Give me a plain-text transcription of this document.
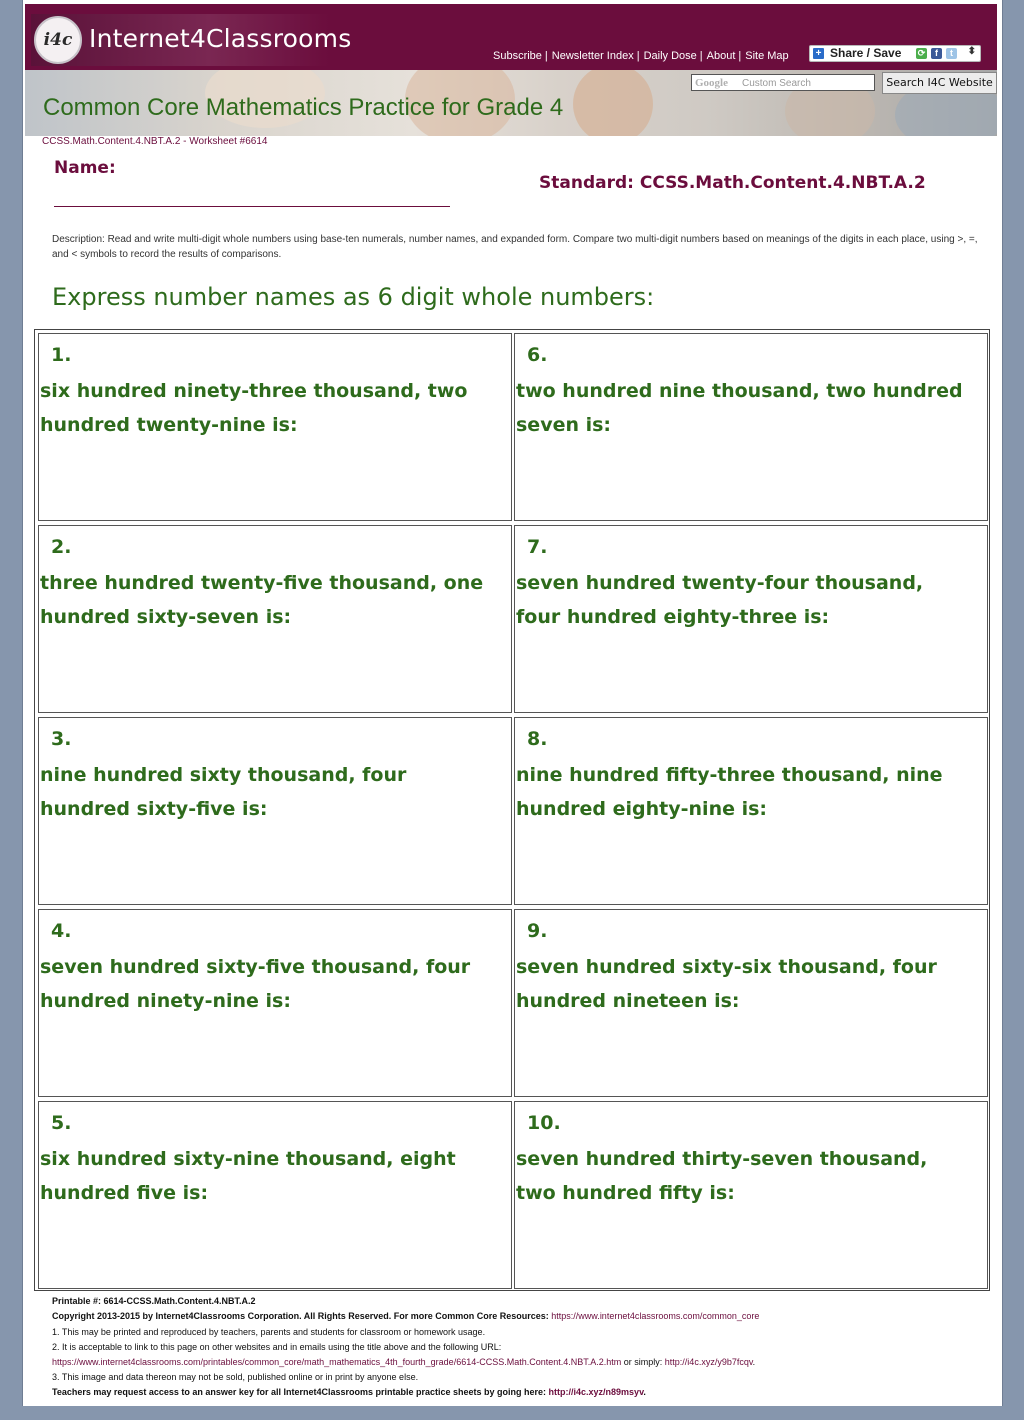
i4c Internet4Classrooms
Subscribe | Newsletter Index | Daily Dose | About | Site Map	+ Share / Save ⟳	f	t	⬍
Google Custom Search	Search I4C Website
Common Core Mathematics Practice for Grade 4
CCSS.Math.Content.4.NBT.A.2 - Worksheet #6614
Name:
Standard: CCSS.Math.Content.4.NBT.A.2
Description: Read and write multi-digit whole numbers using base-ten numerals, number names, and expanded form. Compare two multi-digit numbers based on meanings of the digits in each place, using >, =, and < symbols to record the results of comparisons.
Express number names as 6 digit whole numbers:
1.
six hundred ninety-three thousand, two hundred twenty-nine is:
2.
three hundred twenty-five thousand, one hundred sixty-seven is:
3.
nine hundred sixty thousand, four hundred sixty-five is:
4.
seven hundred sixty-five thousand, four hundred ninety-nine is:
5.
six hundred sixty-nine thousand, eight hundred five is:
6.
two hundred nine thousand, two hundred seven is:
7.
seven hundred twenty-four thousand, four hundred eighty-three is:
8.
nine hundred fifty-three thousand, nine hundred eighty-nine is:
9.
seven hundred sixty-six thousand, four hundred nineteen is:
10.
seven hundred thirty-seven thousand, two hundred fifty is:
Printable #: 6614-CCSS.Math.Content.4.NBT.A.2
Copyright 2013-2015 by Internet4Classrooms Corporation. All Rights Reserved. For more Common Core Resources: https://www.internet4classrooms.com/common_core
1. This may be printed and reproduced by teachers, parents and students for classroom or homework usage.
2. It is acceptable to link to this page on other websites and in emails using the title above and the following URL:
https://www.internet4classrooms.com/printables/common_core/math_mathematics_4th_fourth_grade/6614-CCSS.Math.Content.4.NBT.A.2.htm or simply: http://i4c.xyz/y9b7fcqv.
3. This image and data thereon may not be sold, published online or in print by anyone else.
Teachers may request access to an answer key for all Internet4Classrooms printable practice sheets by going here: http://i4c.xyz/n89msyv.
